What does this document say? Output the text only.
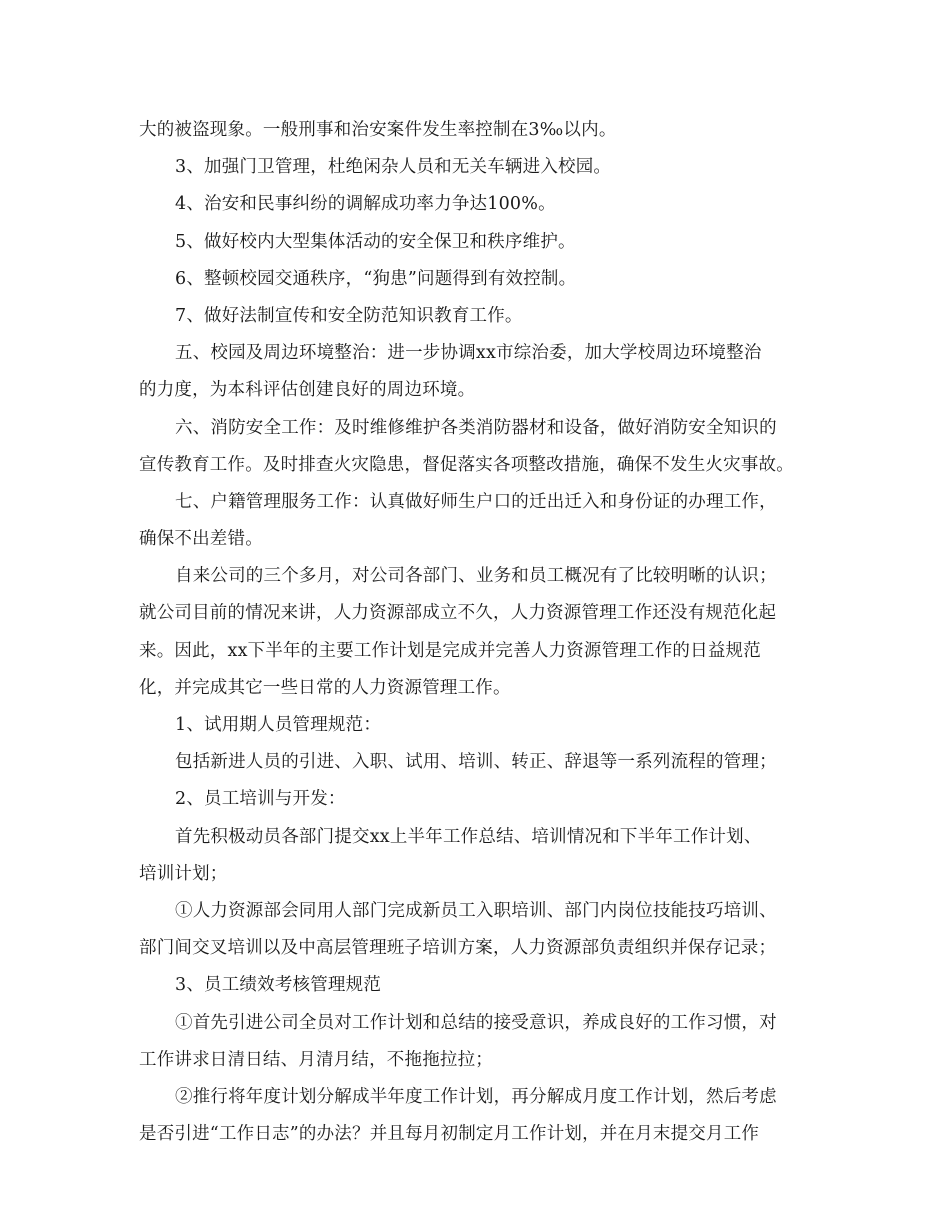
大的被盗现象。一般刑事和治安案件发生率控制在3‰以内。
3、加强门卫管理，杜绝闲杂人员和无关车辆进入校园。
4、治安和民事纠纷的调解成功率力争达100%。
5、做好校内大型集体活动的安全保卫和秩序维护。
6、整顿校园交通秩序，“狗患”问题得到有效控制。
7、做好法制宣传和安全防范知识教育工作。
五、校园及周边环境整治：进一步协调xx市综治委，加大学校周边环境整治
的力度，为本科评估创建良好的周边环境。
六、消防安全工作：及时维修维护各类消防器材和设备，做好消防安全知识的
宣传教育工作。及时排查火灾隐患，督促落实各项整改措施，确保不发生火灾事故。
七、户籍管理服务工作：认真做好师生户口的迁出迁入和身份证的办理工作，
确保不出差错。
自来公司的三个多月，对公司各部门、业务和员工概况有了比较明晰的认识；
就公司目前的情况来讲，人力资源部成立不久，人力资源管理工作还没有规范化起
来。因此，xx下半年的主要工作计划是完成并完善人力资源管理工作的日益规范
化，并完成其它一些日常的人力资源管理工作。
1、试用期人员管理规范：
包括新进人员的引进、入职、试用、培训、转正、辞退等一系列流程的管理；
2、员工培训与开发：
首先积极动员各部门提交xx上半年工作总结、培训情况和下半年工作计划、
培训计划；
①人力资源部会同用人部门完成新员工入职培训、部门内岗位技能技巧培训、
部门间交叉培训以及中高层管理班子培训方案，人力资源部负责组织并保存记录；
3、员工绩效考核管理规范
①首先引进公司全员对工作计划和总结的接受意识，养成良好的工作习惯，对
工作讲求日清日结、月清月结，不拖拖拉拉；
②推行将年度计划分解成半年度工作计划，再分解成月度工作计划，然后考虑
是否引进“工作日志”的办法？并且每月初制定月工作计划，并在月末提交月工作
